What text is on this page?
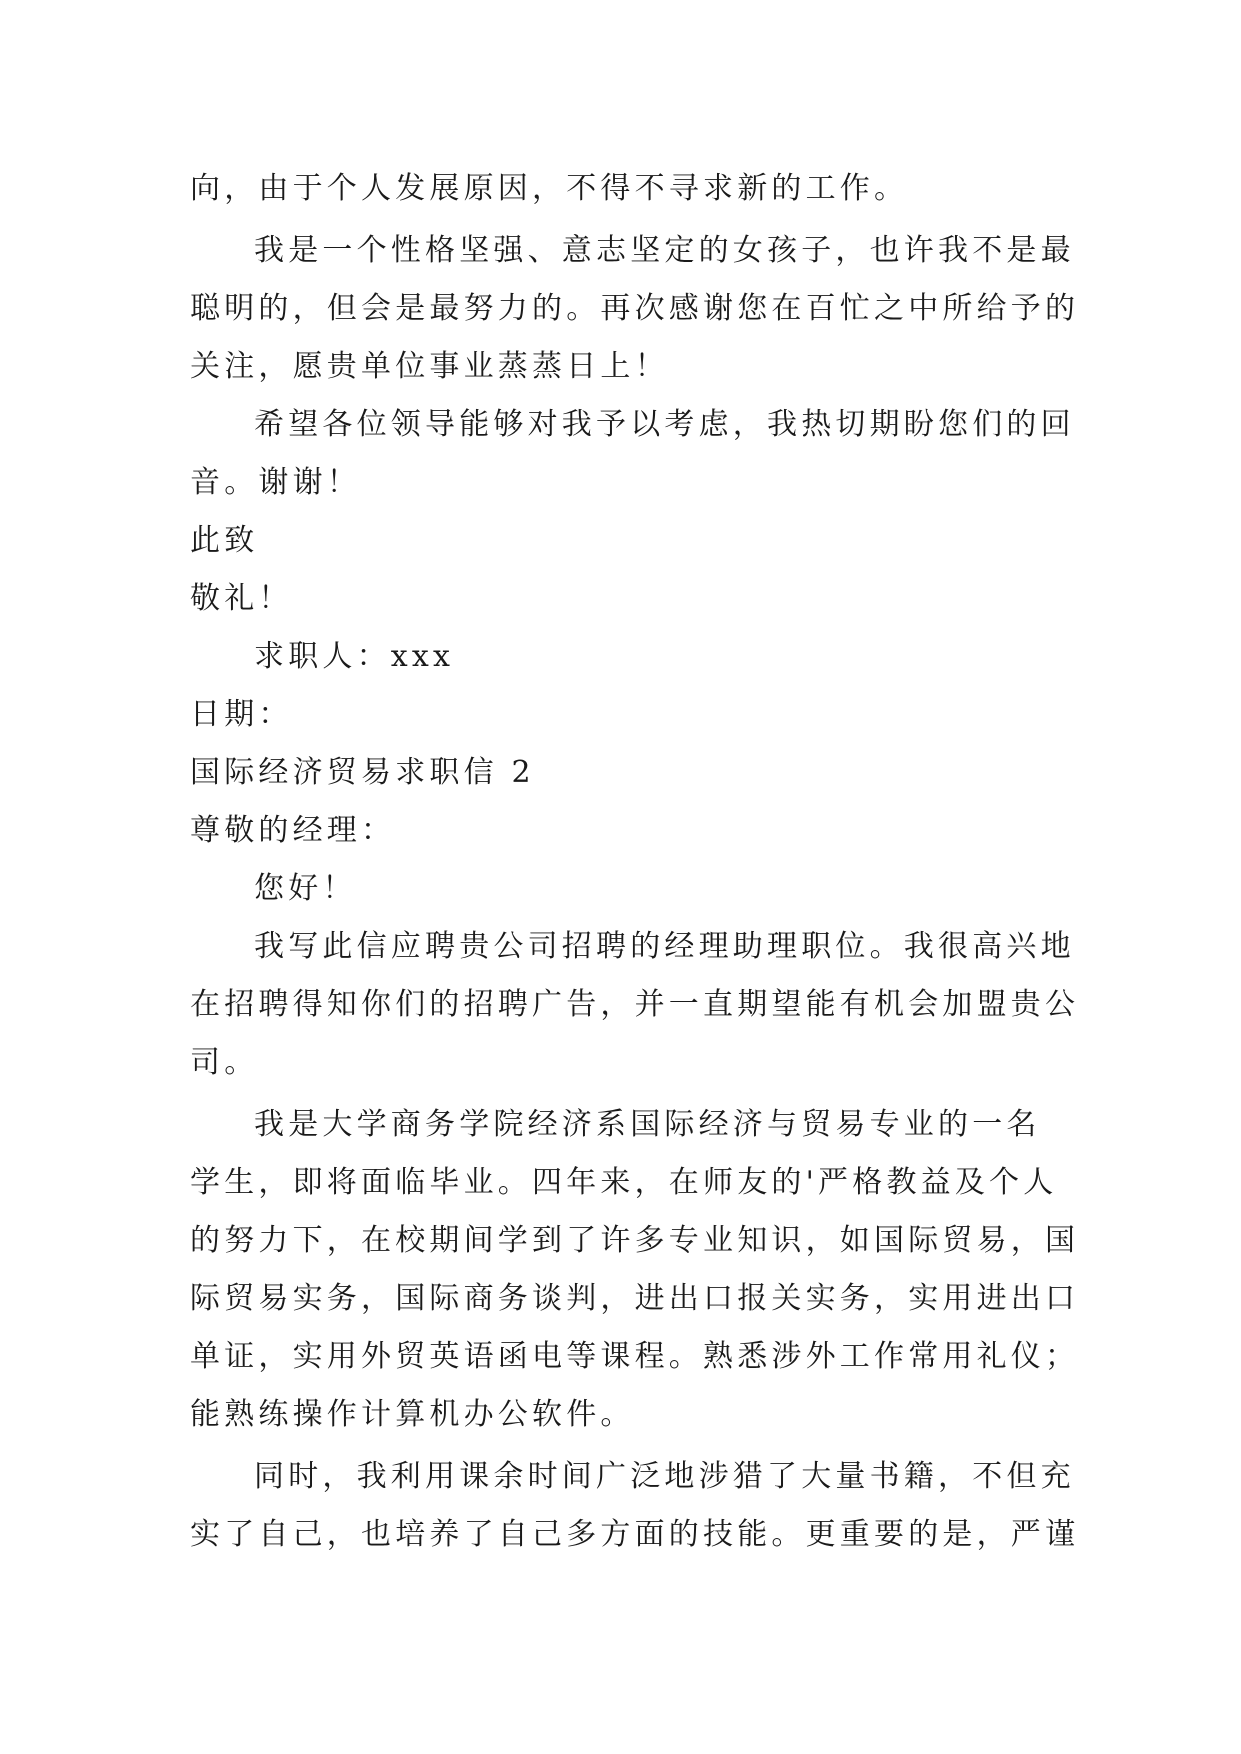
向，由于个人发展原因，不得不寻求新的工作。
我是一个性格坚强、意志坚定的女孩子，也许我不是最
聪明的，但会是最努力的。再次感谢您在百忙之中所给予的
关注，愿贵单位事业蒸蒸日上！
希望各位领导能够对我予以考虑，我热切期盼您们的回
音。谢谢！
此致
敬礼！
求职人：xxx
日期：
国际经济贸易求职信 2
尊敬的经理：
您好！
我写此信应聘贵公司招聘的经理助理职位。我很高兴地
在招聘得知你们的招聘广告，并一直期望能有机会加盟贵公
司。
我是大学商务学院经济系国际经济与贸易专业的一名
学生，即将面临毕业。四年来，在师友的'严格教益及个人
的努力下，在校期间学到了许多专业知识，如国际贸易，国
际贸易实务，国际商务谈判，进出口报关实务，实用进出口
单证，实用外贸英语函电等课程。熟悉涉外工作常用礼仪；
能熟练操作计算机办公软件。
同时，我利用课余时间广泛地涉猎了大量书籍，不但充
实了自己，也培养了自己多方面的技能。更重要的是，严谨
